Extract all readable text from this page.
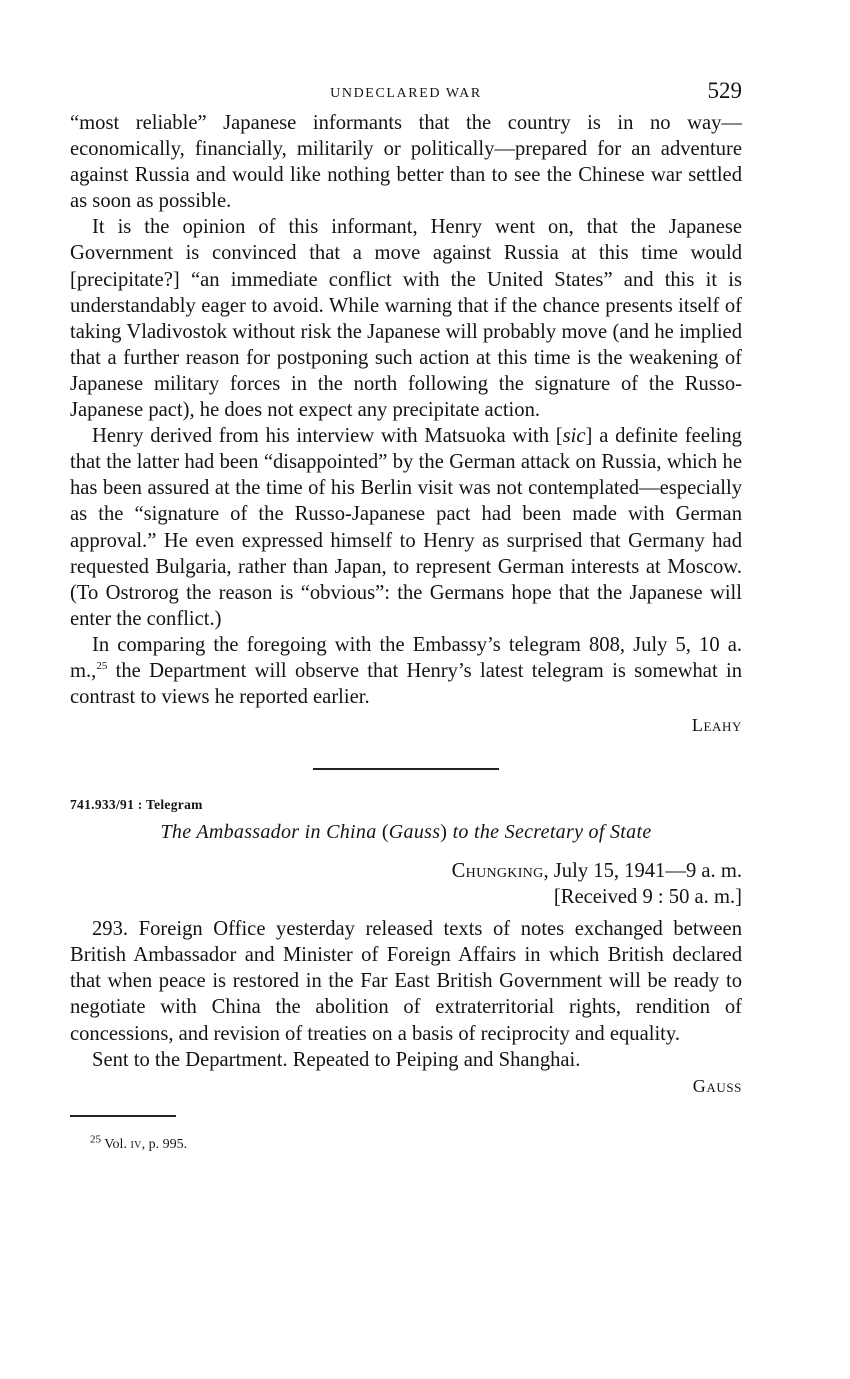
UNDECLARED WAR	529

“most reliable” Japanese informants that the country is in no way—economically, financially, militarily or politically—prepared for an adventure against Russia and would like nothing better than to see the Chinese war settled as soon as possible.

It is the opinion of this informant, Henry went on, that the Japanese Government is convinced that a move against Russia at this time would [precipitate?] “an immediate conflict with the United States” and this it is understandably eager to avoid. While warning that if the chance presents itself of taking Vladivostok without risk the Japanese will probably move (and he implied that a further reason for postponing such action at this time is the weakening of Japanese military forces in the north following the signature of the Russo-Japanese pact), he does not expect any precipitate action.

Henry derived from his interview with Matsuoka with [sic] a definite feeling that the latter had been “disappointed” by the German attack on Russia, which he has been assured at the time of his Berlin visit was not contemplated—especially as the “signature of the Russo-Japanese pact had been made with German approval.” He even expressed himself to Henry as surprised that Germany had requested Bulgaria, rather than Japan, to represent German interests at Moscow. (To Ostrorog the reason is “obvious”: the Germans hope that the Japanese will enter the conflict.)

In comparing the foregoing with the Embassy’s telegram 808, July 5, 10 a. m.,$^{25}$ the Department will observe that Henry’s latest telegram is somewhat in contrast to views he reported earlier.

Leahy
741.933/91 : Telegram
The Ambassador in China (Gauss) to the Secretary of State
Chungking, July 15, 1941—9 a. m.
[Received 9 : 50 a. m.]

293. Foreign Office yesterday released texts of notes exchanged between British Ambassador and Minister of Foreign Affairs in which British declared that when peace is restored in the Far East British Government will be ready to negotiate with China the abolition of extraterritorial rights, rendition of concessions, and revision of treaties on a basis of reciprocity and equality.

Sent to the Department. Repeated to Peiping and Shanghai.

Gauss
$^{25}$ Vol. iv, p. 995.
